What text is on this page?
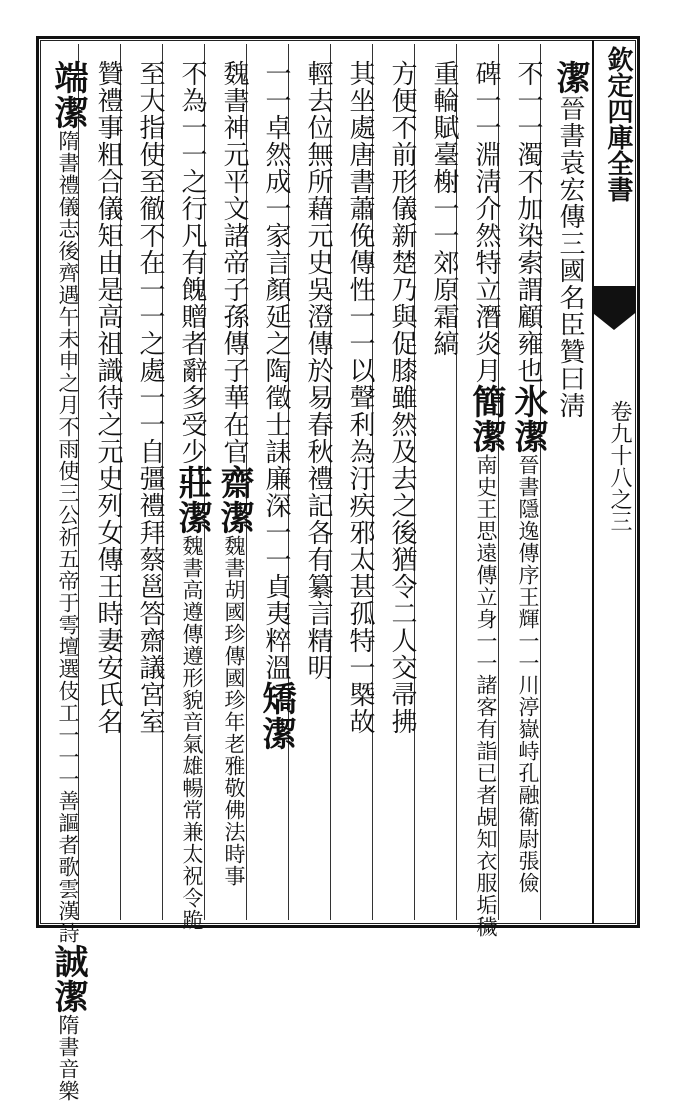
欽定四庫全書
卷九十八之三
潔晉書袁宏傳三國名臣贊曰淸
不一一濁不加染索謂顧雍也氷潔晉書隱逸傳序王輝一一川渟嶽峙孔融衛尉張儉
碑一一淵淸介然特立潛炎月簡潔南史王思遠傳立身一一諸客有詣已者覘知衣服垢穢
重輪賦臺榭一一郊原霜縞
方便不前形儀新楚乃與促膝雖然及去之後猶令二人交帚拂
其坐處唐書蕭俛傳性一一以聲利為汙疾邪太甚孤特一槩故
輕去位無所藉元史吳澄傳於易春秋禮記各有纂言精明
一一卓然成一家言顏延之陶徵士誄廉深一一貞夷粹溫矯潔
魏書神元平文諸帝子孫傳子華在官齋潔魏書胡國珍傳國珍年老雅敬佛法時事
不為一一之行凡有餽贈者辭多受少莊潔魏書高遵傳遵形貌音氣雄暢常兼太祝令跪
至大指使至徹不在一一之處一一自彊禮拜蔡邕答齋議宮室
贊禮事粗合儀矩由是高祖識待之元史列女傳王時妻安氏名
端潔隋書禮儀志後齊遇午未申之月不雨使三公祈五帝于雩壇選伎工一一一善謳者歌雲漢詩誠潔隋書音樂
